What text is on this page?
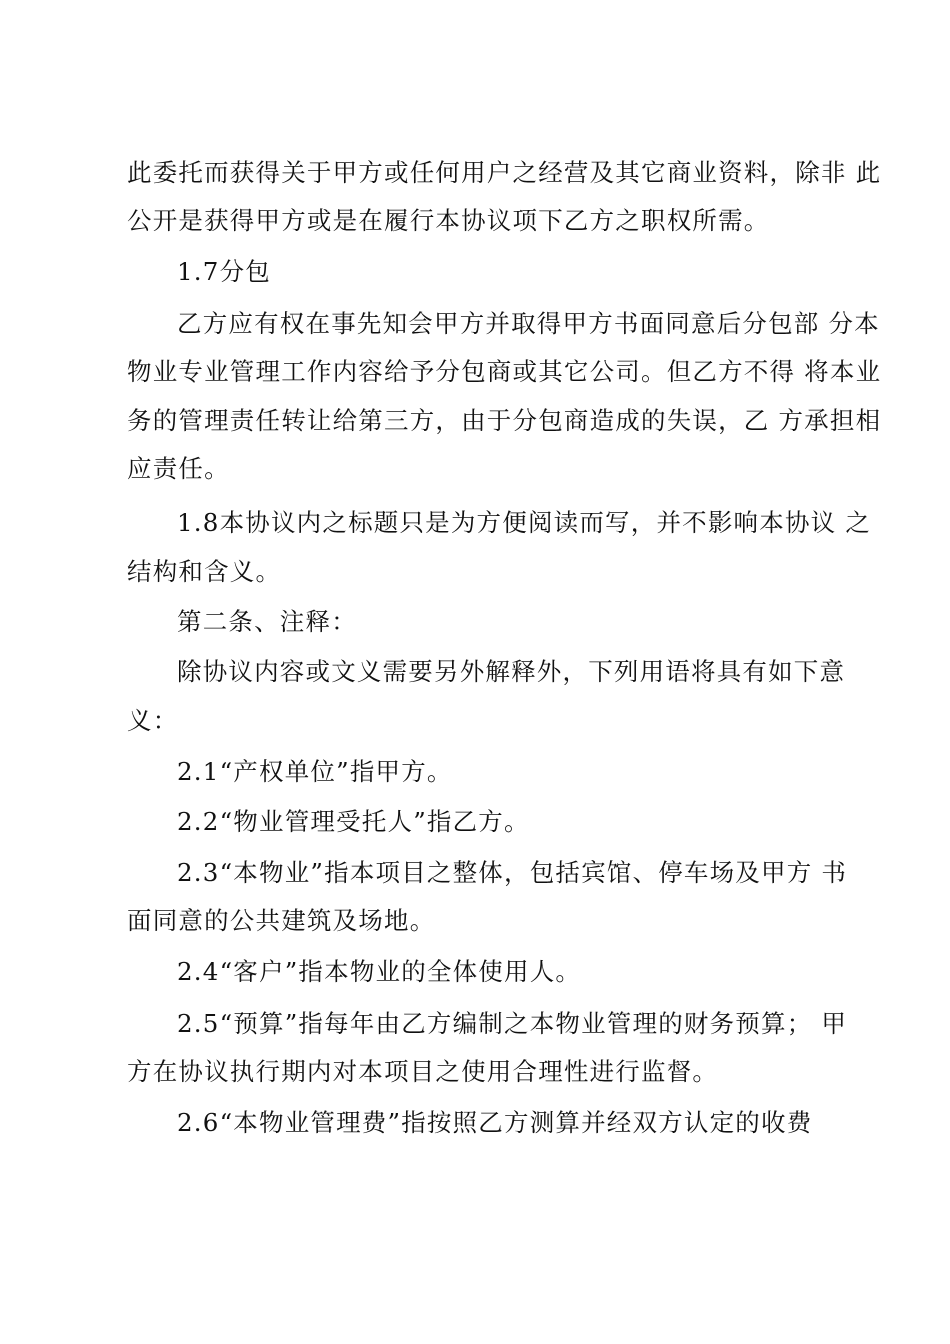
此委托而获得关于甲方或任何用户之经营及其它商业资料，除非 此
公开是获得甲方或是在履行本协议项下乙方之职权所需。
1.7分包
乙方应有权在事先知会甲方并取得甲方书面同意后分包部 分本
物业专业管理工作内容给予分包商或其它公司。但乙方不得 将本业
务的管理责任转让给第三方，由于分包商造成的失误，乙 方承担相
应责任。
1.8本协议内之标题只是为方便阅读而写，并不影响本协议 之
结构和含义。
第二条、注释：
除协议内容或文义需要另外解释外，下列用语将具有如下意
义：
2.1“产权单位”指甲方。
2.2“物业管理受托人”指乙方。
2.3“本物业”指本项目之整体，包括宾馆、停车场及甲方 书
面同意的公共建筑及场地。
2.4“客户”指本物业的全体使用人。
2.5“预算”指每年由乙方编制之本物业管理的财务预算； 甲
方在协议执行期内对本项目之使用合理性进行监督。
2.6“本物业管理费”指按照乙方测算并经双方认定的收费
